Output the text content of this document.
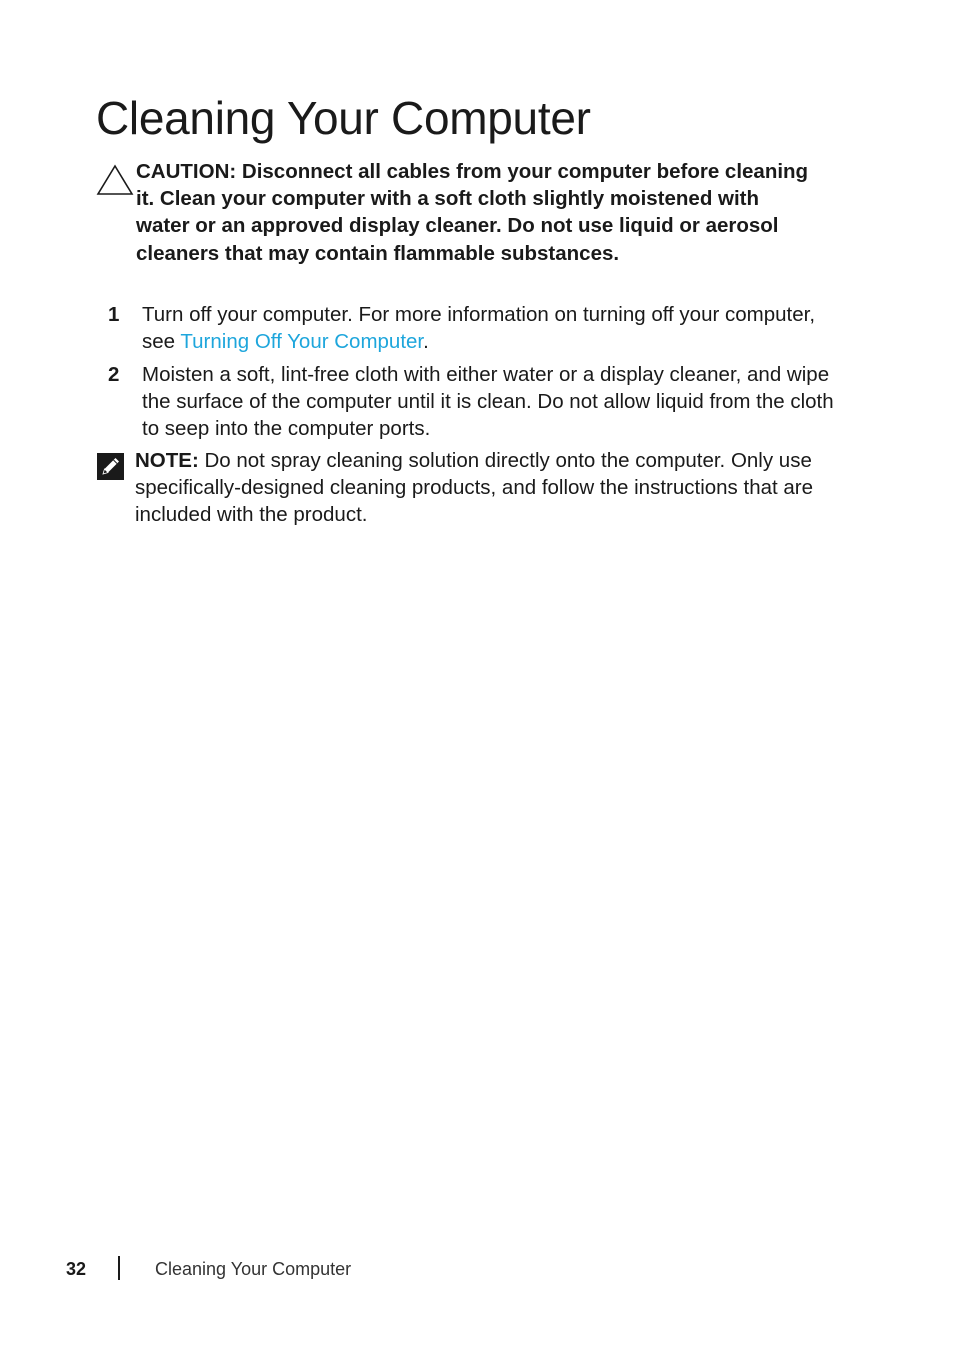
Cleaning Your Computer
CAUTION: Disconnect all cables from your computer before cleaning it. Clean your computer with a soft cloth slightly moistened with water or an approved display cleaner. Do not use liquid or aerosol cleaners that may contain flammable substances.
1 Turn off your computer. For more information on turning off your computer, see Turning Off Your Computer.
2 Moisten a soft, lint-free cloth with either water or a display cleaner, and wipe the surface of the computer until it is clean. Do not allow liquid from the cloth to seep into the computer ports.
NOTE: Do not spray cleaning solution directly onto the computer. Only use specifically-designed cleaning products, and follow the instructions that are included with the product.
32	Cleaning Your Computer
